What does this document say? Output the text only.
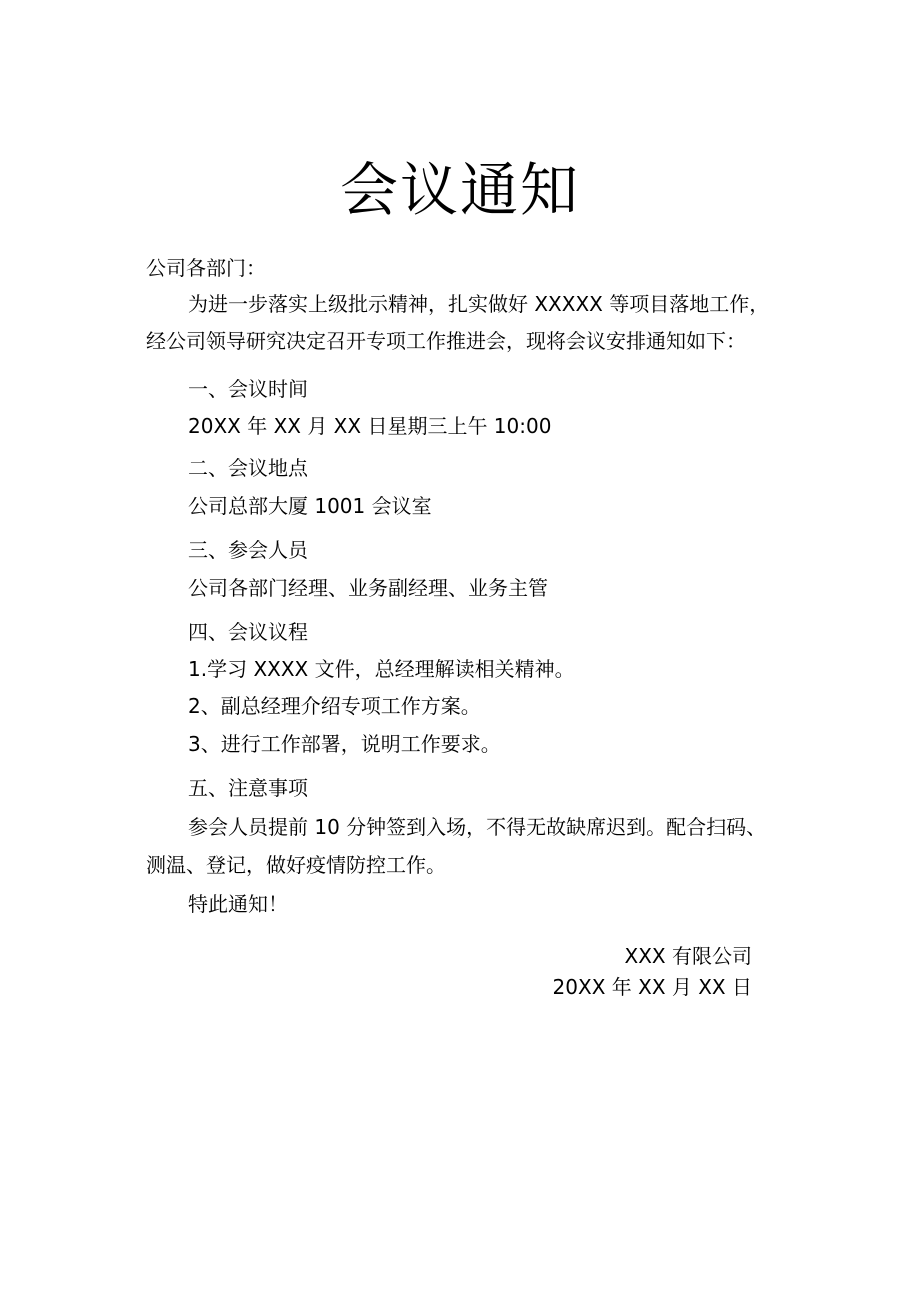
会议通知
公司各部门：
为进一步落实上级批示精神，扎实做好 XXXXX 等项目落地工作，
经公司领导研究决定召开专项工作推进会，现将会议安排通知如下：
一、会议时间
20XX 年 XX 月 XX 日星期三上午 10:00
二、会议地点
公司总部大厦 1001 会议室
三、参会人员
公司各部门经理、业务副经理、业务主管
四、会议议程
1.学习 XXXX 文件，总经理解读相关精神。
2、副总经理介绍专项工作方案。
3、进行工作部署，说明工作要求。
五、注意事项
参会人员提前 10 分钟签到入场，不得无故缺席迟到。配合扫码、
测温、登记，做好疫情防控工作。
特此通知！
XXX 有限公司
20XX 年 XX 月 XX 日
